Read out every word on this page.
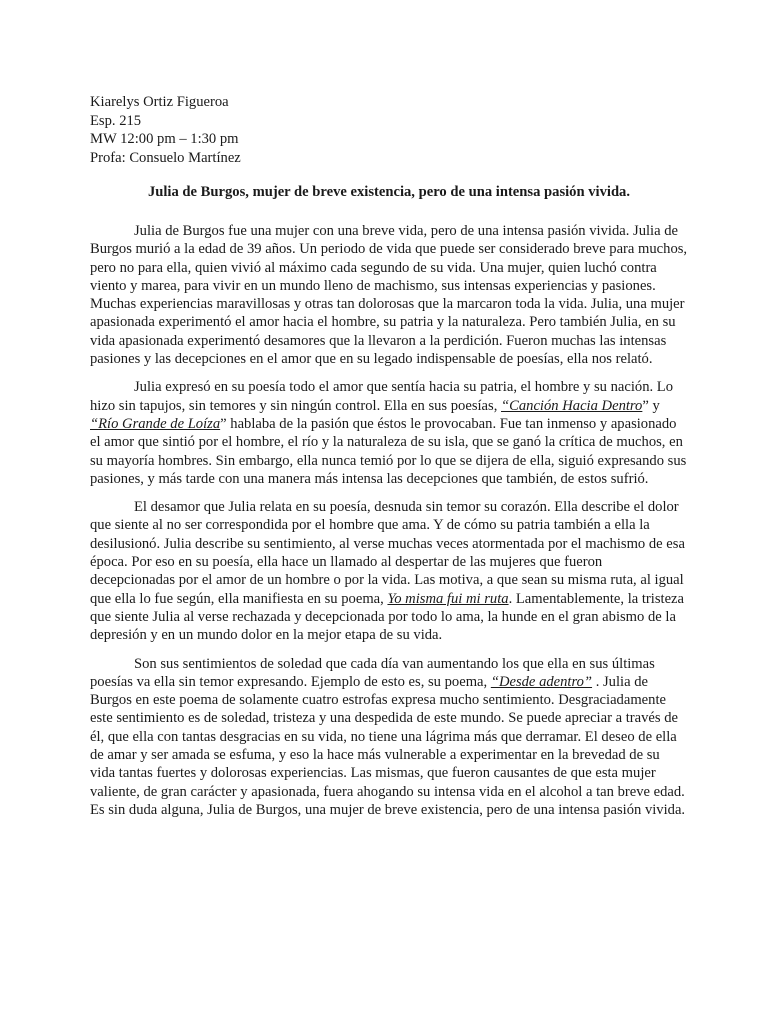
Kiarelys Ortiz Figueroa
Esp. 215
MW 12:00 pm – 1:30 pm
Profa: Consuelo Martínez
Julia de Burgos, mujer de breve existencia, pero de una intensa pasión vivida.

Julia de Burgos fue una mujer con una breve vida, pero de una intensa pasión vivida. Julia de Burgos murió a la edad de 39 años. Un periodo de vida que puede ser considerado breve para muchos, pero no para ella, quien vivió al máximo cada segundo de su vida. Una mujer, quien luchó contra viento y marea, para vivir en un mundo lleno de machismo, sus intensas experiencias y pasiones. Muchas experiencias maravillosas y otras tan dolorosas que la marcaron toda la vida. Julia, una mujer apasionada experimentó el amor hacia el hombre, su patria y la naturaleza. Pero también Julia, en su vida apasionada experimentó desamores que la llevaron a la perdición. Fueron muchas las intensas pasiones y las decepciones en el amor que en su legado indispensable de poesías, ella nos relató.

Julia expresó en su poesía todo el amor que sentía hacia su patria, el hombre y su nación. Lo hizo sin tapujos, sin temores y sin ningún control. Ella en sus poesías, “Canción Hacia Dentro” y “Río Grande de Loíza” hablaba de la pasión que éstos le provocaban. Fue tan inmenso y apasionado el amor que sintió por el hombre, el río y la naturaleza de su isla, que se ganó la crítica de muchos, en su mayoría hombres. Sin embargo, ella nunca temió por lo que se dijera de ella, siguió expresando sus pasiones, y más tarde con una manera más intensa las decepciones que también, de estos sufrió.

El desamor que Julia relata en su poesía, desnuda sin temor su corazón. Ella describe el dolor que siente al no ser correspondida por el hombre que ama. Y de cómo su patria también a ella la desilusionó. Julia describe su sentimiento, al verse muchas veces atormentada por el machismo de esa época. Por eso en su poesía, ella hace un llamado al despertar de las mujeres que fueron decepcionadas por el amor de un hombre o por la vida. Las motiva, a que sean su misma ruta, al igual que ella lo fue según, ella manifiesta en su poema, Yo misma fui mi ruta. Lamentablemente, la tristeza que siente Julia al verse rechazada y decepcionada por todo lo ama, la hunde en el gran abismo de la depresión y en un mundo dolor en la mejor etapa de su vida.

Son sus sentimientos de soledad que cada día van aumentando los que ella en sus últimas poesías va ella sin temor expresando. Ejemplo de esto es, su poema, “Desde adentro” . Julia de Burgos en este poema de solamente cuatro estrofas expresa mucho sentimiento. Desgraciadamente este sentimiento es de soledad, tristeza y una despedida de este mundo. Se puede apreciar a través de él, que ella con tantas desgracias en su vida, no tiene una lágrima más que derramar. El deseo de ella de amar y ser amada se esfuma, y eso la hace más vulnerable a experimentar en la brevedad de su vida tantas fuertes y dolorosas experiencias. Las mismas, que fueron causantes de que esta mujer valiente, de gran carácter y apasionada, fuera ahogando su intensa vida en el alcohol a tan breve edad. Es sin duda alguna, Julia de Burgos, una mujer de breve existencia, pero de una intensa pasión vivida.
